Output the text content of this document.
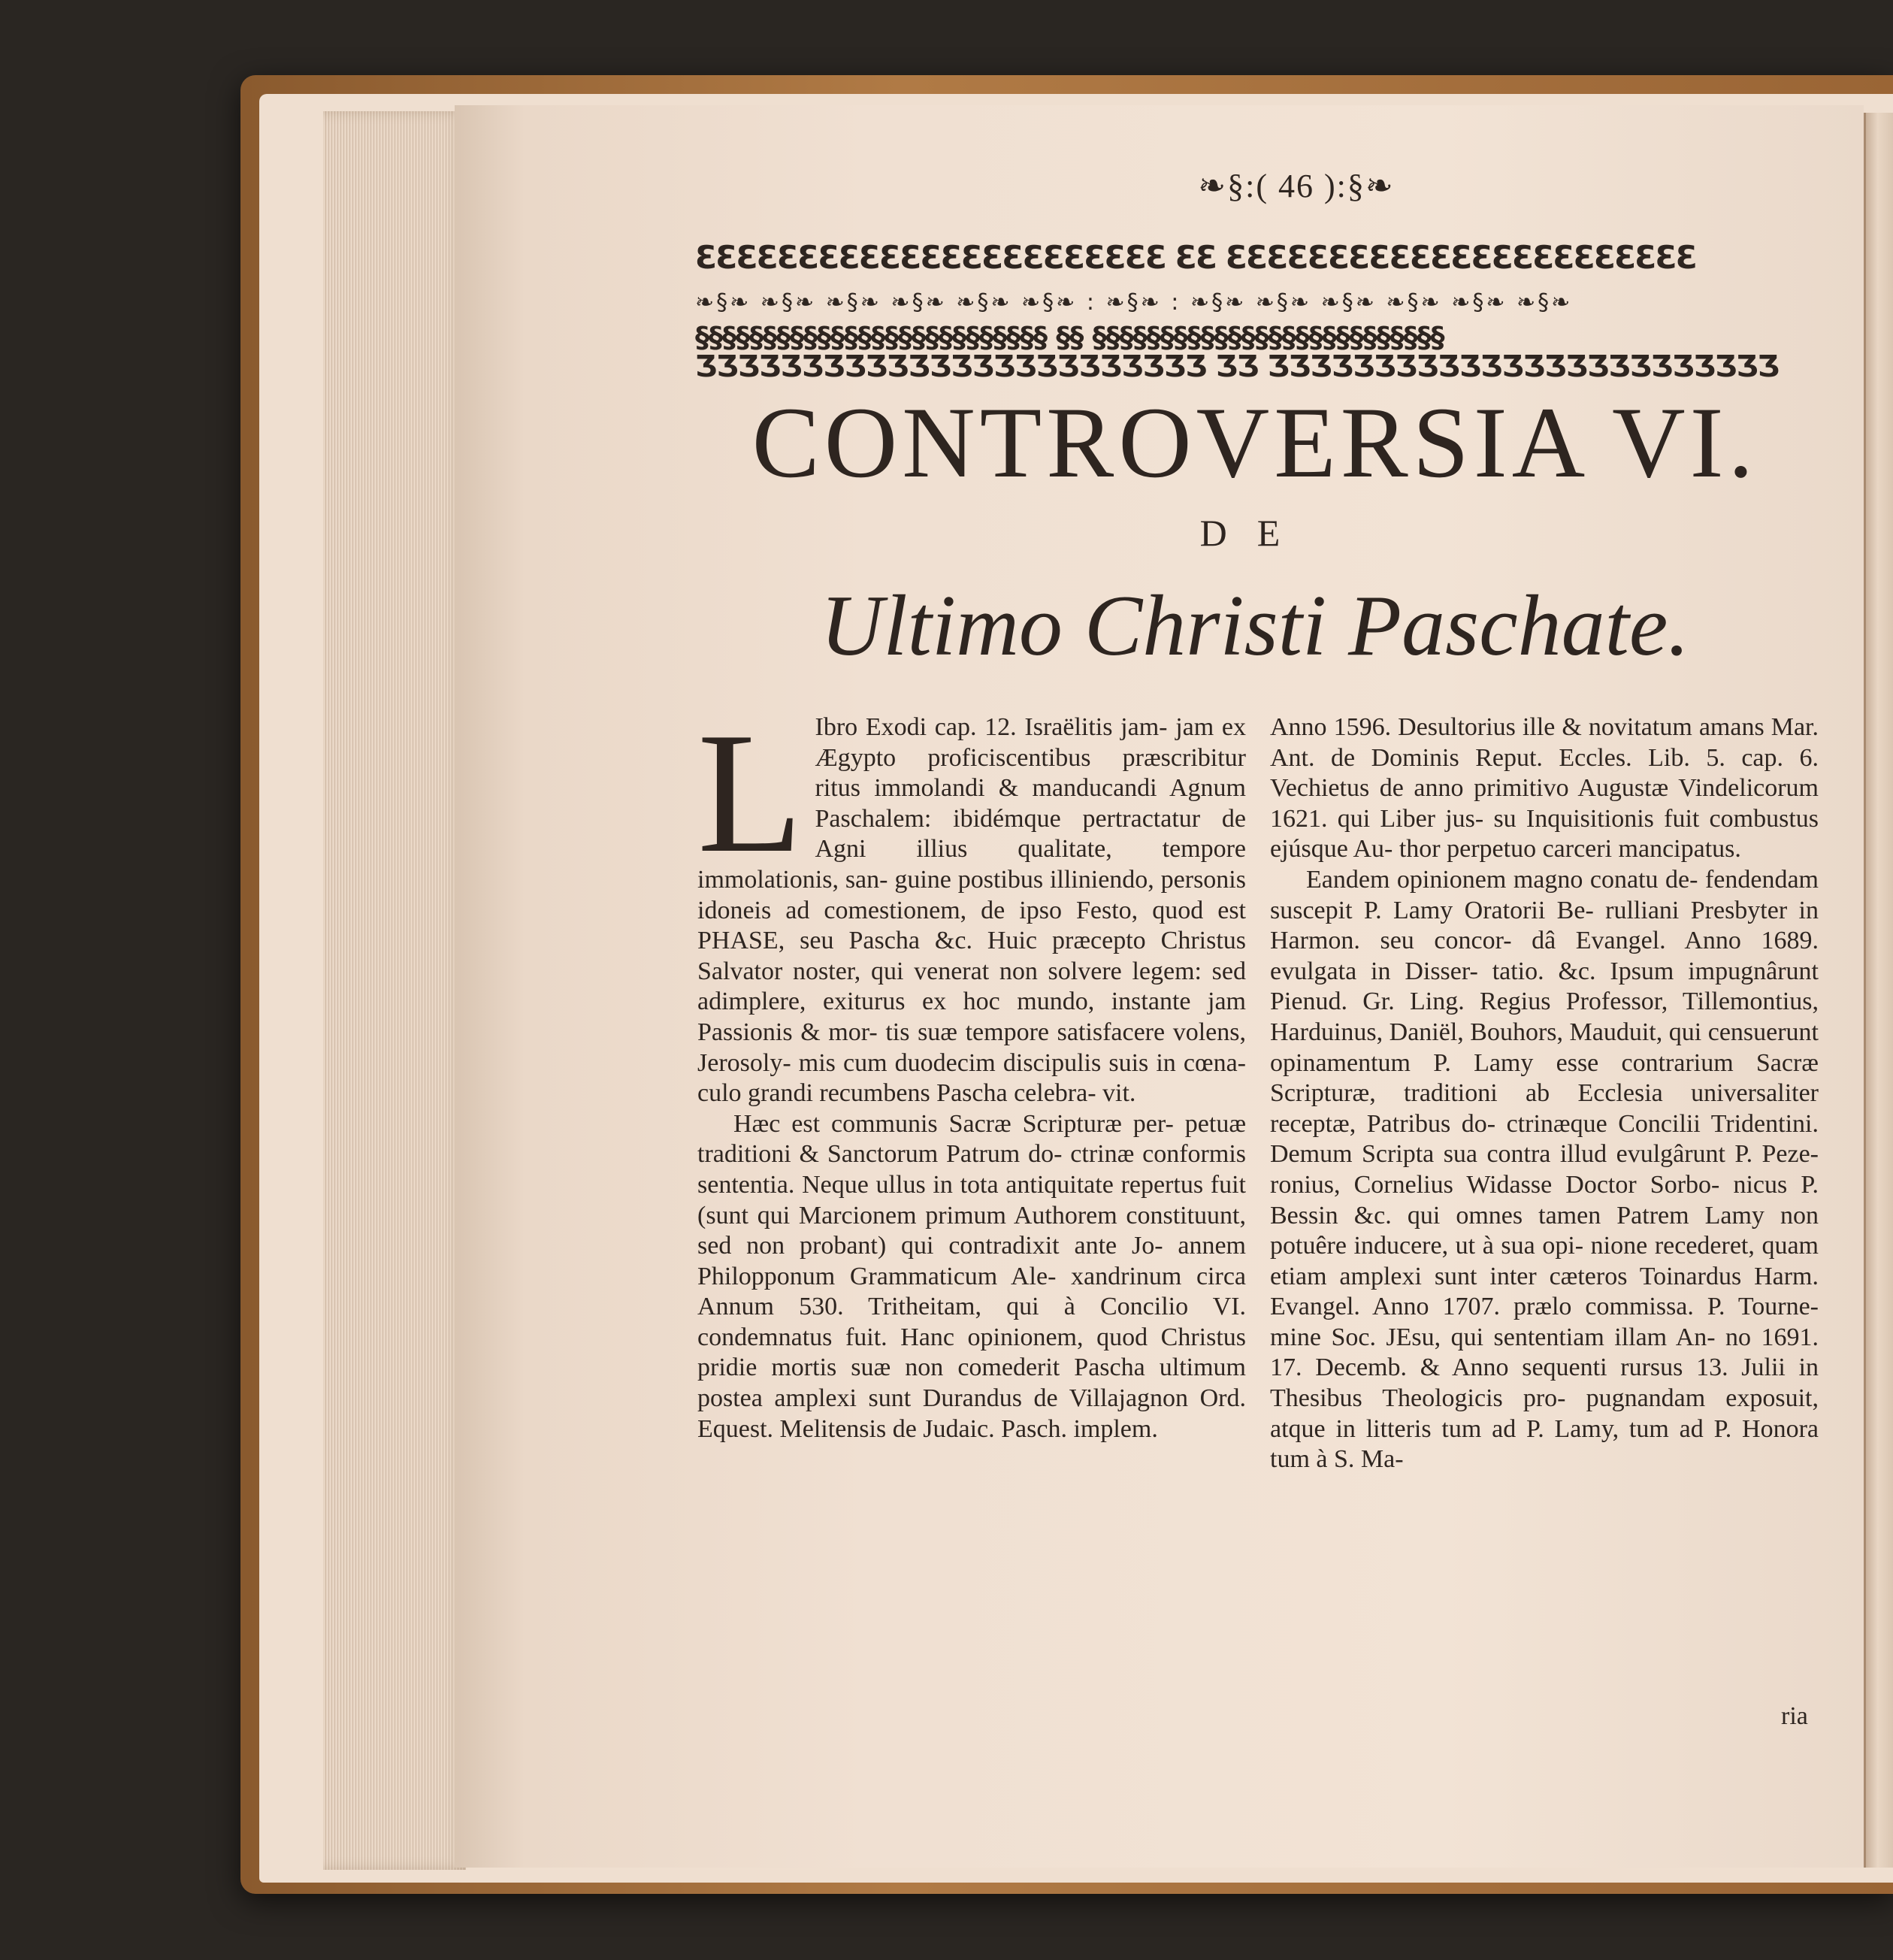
❧§:( 46 ):§❧
ƐƐƐƐƐƐƐƐƐƐƐƐƐƐƐƐƐƐƐƐƐƐƐ ƐƐ ƐƐƐƐƐƐƐƐƐƐƐƐƐƐƐƐƐƐƐƐƐƐƐ
❧§❧ ❧§❧ ❧§❧ ❧§❧ ❧§❧ ❧§❧ : ❧§❧ : ❧§❧ ❧§❧ ❧§❧ ❧§❧ ❧§❧ ❧§❧
§§§§§§§§§§§§§§§§§§§§§§§§§§ §§ §§§§§§§§§§§§§§§§§§§§§§§§§§
ƷƷƷƷƷƷƷƷƷƷƷƷƷƷƷƷƷƷƷƷƷƷƷƷ ƷƷ ƷƷƷƷƷƷƷƷƷƷƷƷƷƷƷƷƷƷƷƷƷƷƷƷ
CONTROVERSIA VI.
DE
Ultimo Christi Paschate.

L Ibro Exodi cap. 12. Israëlitis jam- jam ex Ægypto proficiscentibus præscribitur ritus immolandi & manducandi Agnum Paschalem: ibidémque pertractatur de Agni illius qualitate, tempore immolationis, san- guine postibus illiniendo, personis idoneis ad comestionem, de ipso Festo, quod est PHASE, seu Pascha &c. Huic præcepto Christus Salvator noster, qui venerat non solvere legem: sed adimplere, exiturus ex hoc mundo, instante jam Passionis & mor- tis suæ tempore satisfacere volens, Jerosoly- mis cum duodecim discipulis suis in cœna- culo grandi recumbens Pascha celebra- vit.

Hæc est communis Sacræ Scripturæ per- petuæ traditioni & Sanctorum Patrum do- ctrinæ conformis sententia. Neque ullus in tota antiquitate repertus fuit (sunt qui Marcionem primum Authorem constituunt, sed non probant) qui contradixit ante Jo- annem Philopponum Grammaticum Ale- xandrinum circa Annum 530. Tritheitam, qui à Concilio VI. condemnatus fuit. Hanc opinionem, quod Christus pridie mortis suæ non comederit Pascha ultimum postea amplexi sunt Durandus de Villajagnon Ord. Equest. Melitensis de Judaic. Pasch. implem.

Anno 1596. Desultorius ille & novitatum amans Mar. Ant. de Dominis Reput. Eccles. Lib. 5. cap. 6. Vechietus de anno primitivo Augustæ Vindelicorum 1621. qui Liber jus- su Inquisitionis fuit combustus ejúsque Au- thor perpetuo carceri mancipatus.

Eandem opinionem magno conatu de- fendendam suscepit P. Lamy Oratorii Be- rulliani Presbyter in Harmon. seu concor- dâ Evangel. Anno 1689. evulgata in Disser- tatio. &c. Ipsum impugnârunt Pienud. Gr. Ling. Regius Professor, Tillemontius, Harduinus, Daniël, Bouhors, Mauduit, qui censuerunt opinamentum P. Lamy esse contrarium Sacræ Scripturæ, traditioni ab Ecclesia universaliter receptæ, Patribus do- ctrinæque Concilii Tridentini. Demum Scripta sua contra illud evulgârunt P. Peze- ronius, Cornelius Widasse Doctor Sorbo- nicus P. Bessin &c. qui omnes tamen Patrem Lamy non potuêre inducere, ut à sua opi- nione recederet, quam etiam amplexi sunt inter cæteros Toinardus Harm. Evangel. Anno 1707. prælo commissa. P. Tourne- mine Soc. JEsu, qui sententiam illam An- no 1691. 17. Decemb. & Anno sequenti rursus 13. Julii in Thesibus Theologicis pro- pugnandam exposuit, atque in litteris tum ad P. Lamy, tum ad P. Honora tum à S. Ma-

ria
